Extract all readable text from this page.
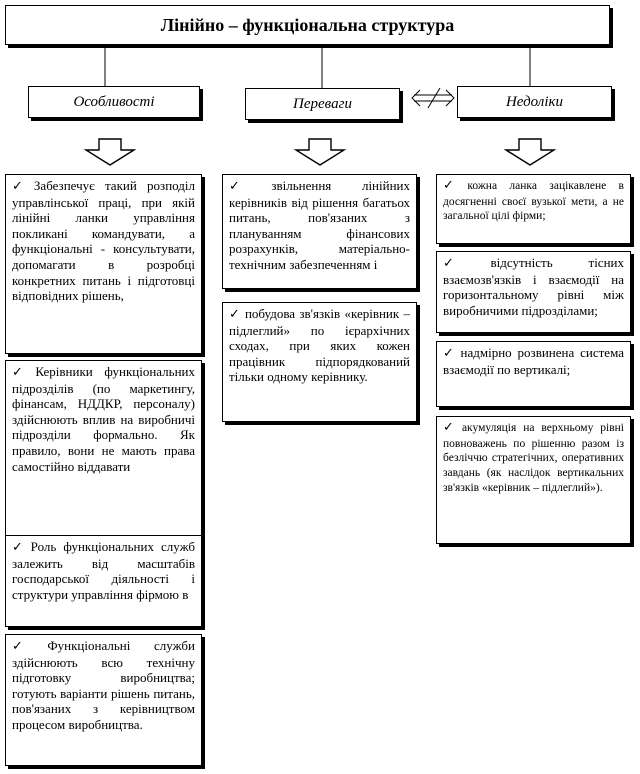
Лінійно – функціональна структура
Особливості	Переваги	Недоліки
✓ Забезпечує такий розподіл управлінської праці, при якій лінійні ланки управління покликані командувати, а функціональні - консультувати, допомагати в розробці конкретних питань і підготовці відповідних рішень,
✓ Керівники функціональних підрозділів (по маркетингу, фінансам, НДДКР, персоналу) здійснюють вплив на виробничі підрозділи формально. Як правило, вони не мають права самостійно віддавати
✓ Роль функціональних служб залежить від масштабів господарської діяльності і структури управління фірмою в
✓ Функціональні служби здійснюють всю технічну підготовку виробництва; готують варіанти рішень питань, пов'язаних з керівництвом процесом виробництва.
✓ звільнення лінійних керівників від рішення багатьох питань, пов'язаних з плануванням фінансових розрахунків, матеріально-технічним забезпеченням і
✓ побудова зв'язків «керівник – підлеглий» по ієрархічних сходах, при яких кожен працівник підпорядкований тільки одному керівнику.
✓ кожна ланка зацікавлене в досягненні своєї вузької мети, а не загальної цілі фірми;
✓ відсутність тісних взаємозв'язків і взаємодії на горизонтальному рівні між виробничими підрозділами;
✓ надмірно розвинена система взаємодії по вертикалі;
✓ акумуляція на верхньому рівні повноважень по рішенню разом із безліччю стратегічних, оперативних завдань (як наслідок вертикальних зв'язків «керівник – підлеглий»).
